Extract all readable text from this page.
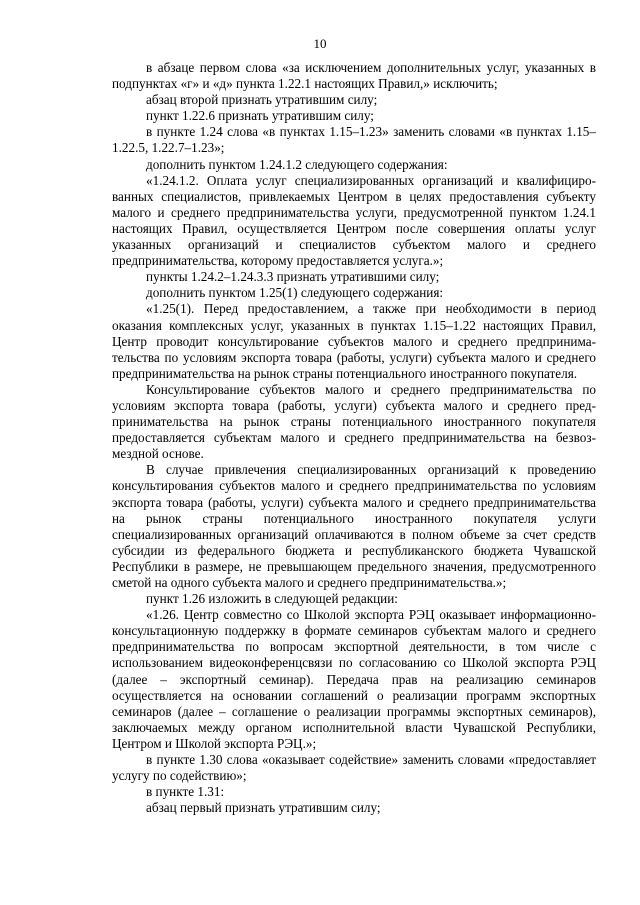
10

в абзаце первом слова «за исключением дополнительных услуг, указанных в подпунктах «г» и «д» пункта 1.22.1 настоящих Правил,» исключить;

абзац второй признать утратившим силу;

пункт 1.22.6 признать утратившим силу;

в пункте 1.24 слова «в пунктах 1.15–1.23» заменить словами «в пунктах 1.15–1.22.5, 1.22.7–1.23»;

дополнить пунктом 1.24.1.2 следующего содержания:

«1.24.1.2. Оплата услуг специализированных организаций и квалифицированных специалистов, привлекаемых Центром в целях предоставления субъекту малого и среднего предпринимательства услуги, предусмотренной пунктом 1.24.1 настоящих Правил, осуществляется Центром после совершения оплаты услуг указанных организаций и специалистов субъектом малого и среднего предпринимательства, которому предоставляется услуга.»;

пункты 1.24.2–1.24.3.3 признать утратившими силу;

дополнить пунктом 1.25(1) следующего содержания:

«1.25(1). Перед предоставлением, а также при необходимости в период оказания комплексных услуг, указанных в пунктах 1.15–1.22 настоящих Правил, Центр проводит консультирование субъектов малого и среднего предпринимательства по условиям экспорта товара (работы, услуги) субъекта малого и среднего предпринимательства на рынок страны потенциального иностранного покупателя.

Консультирование субъектов малого и среднего предпринимательства по условиям экспорта товара (работы, услуги) субъекта малого и среднего предпринимательства на рынок страны потенциального иностранного покупателя предоставляется субъектам малого и среднего предпринимательства на безвозмездной основе.

В случае привлечения специализированных организаций к проведению консультирования субъектов малого и среднего предпринимательства по условиям экспорта товара (работы, услуги) субъекта малого и среднего предпринимательства на рынок страны потенциального иностранного покупателя услуги специализированных организаций оплачиваются в полном объеме за счет средств субсидии из федерального бюджета и республиканского бюджета Чувашской Республики в размере, не превышающем предельного значения, предусмотренного сметой на одного субъекта малого и среднего предпринимательства.»;

пункт 1.26 изложить в следующей редакции:

«1.26. Центр совместно со Школой экспорта РЭЦ оказывает информационно-консультационную поддержку в формате семинаров субъектам малого и среднего предпринимательства по вопросам экспортной деятельности, в том числе с использованием видеоконференцсвязи по согласованию со Школой экспорта РЭЦ (далее – экспортный семинар). Передача прав на реализацию семинаров осуществляется на основании соглашений о реализации программ экспортных семинаров (далее – соглашение о реализации программы экспортных семинаров), заключаемых между органом исполнительной власти Чувашской Республики, Центром и Школой экспорта РЭЦ.»;

в пункте 1.30 слова «оказывает содействие» заменить словами «предоставляет услугу по содействию»;

в пункте 1.31:

абзац первый признать утратившим силу;
